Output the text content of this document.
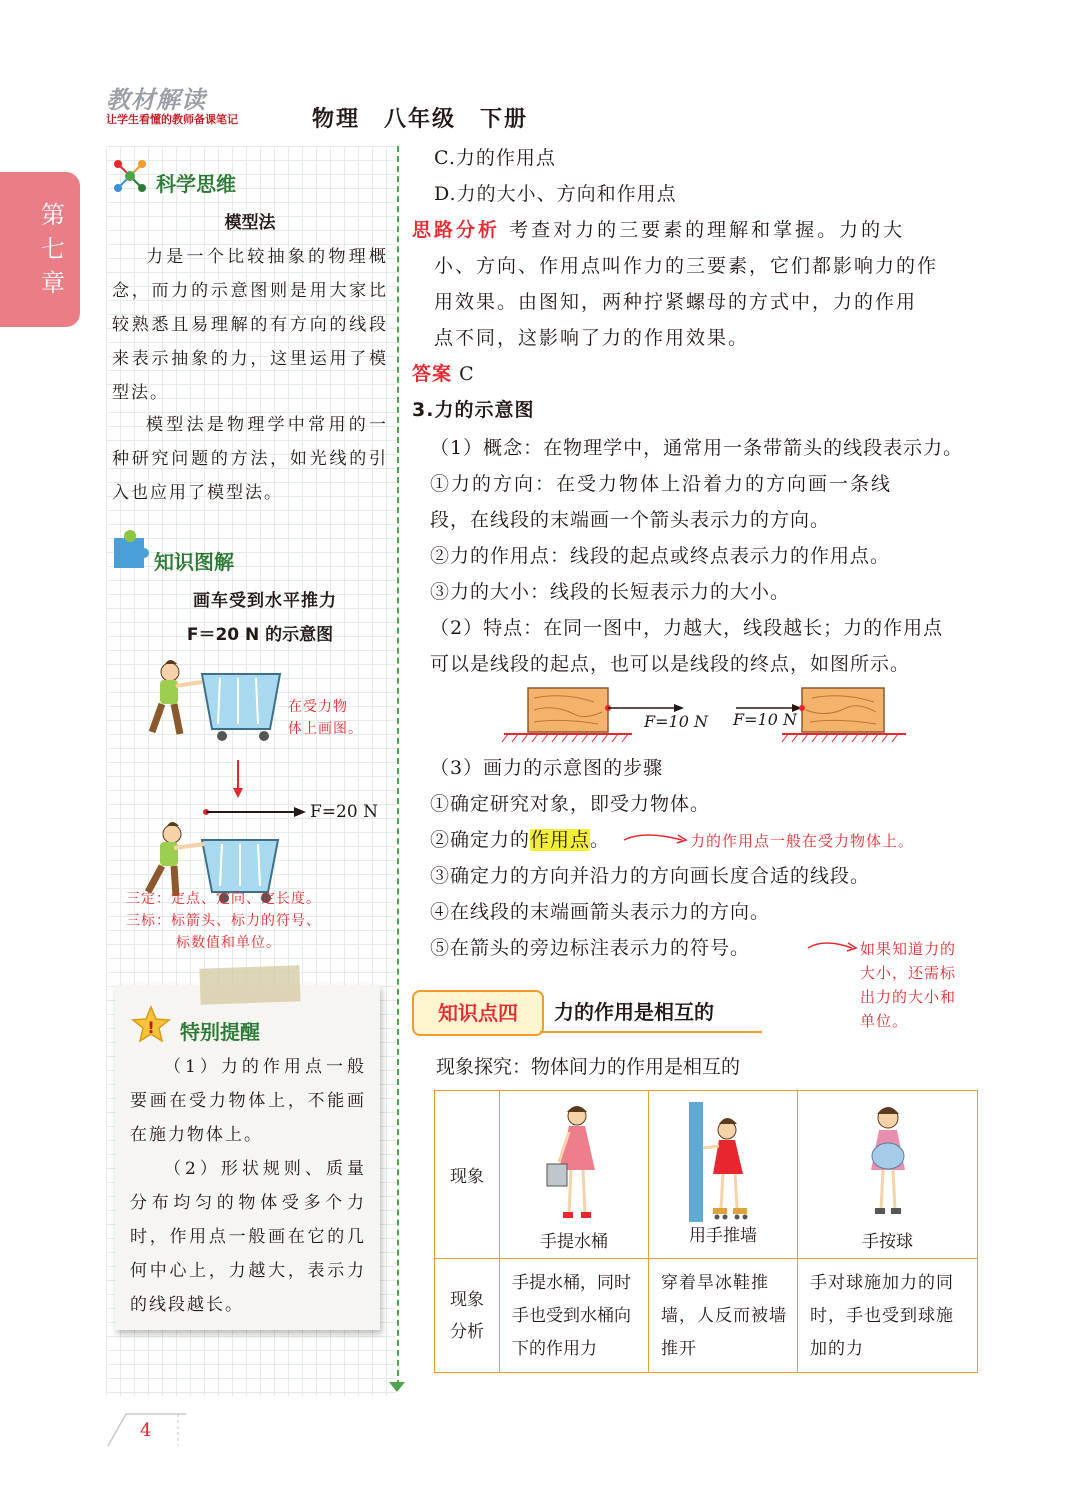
教材解读
让学生看懂的教师备课笔记	物理　八年级　下册
第七章
科学思维
模型法
力是一个比较抽象的物理概念，而力的示意图则是用大家比较熟悉且易理解的有方向的线段来表示抽象的力，这里运用了模型法。
模型法是物理学中常用的一种研究问题的方法，如光线的引入也应用了模型法。
知识图解
画车受到水平推力
F＝20 N 的示意图
在受力物
体上画图。
F=20 N
三定：定点、定向、定长度。
三标：标箭头、标力的符号、
标数值和单位。
! 特别提醒
（1）力的作用点一般要画在受力物体上，不能画在施力物体上。
（2）形状规则、质量分布均匀的物体受多个力时，作用点一般画在它的几何中心上，力越大，表示力的线段越长。
C.力的作用点
D.力的大小、方向和作用点
思路分析 考查对力的三要素的理解和掌握。力的大
小、方向、作用点叫作力的三要素，它们都影响力的作
用效果。由图知，两种拧紧螺母的方式中，力的作用
点不同，这影响了力的作用效果。
答案 C
3.力的示意图
（1）概念：在物理学中，通常用一条带箭头的线段表示力。
①力的方向：在受力物体上沿着力的方向画一条线
段，在线段的末端画一个箭头表示力的方向。
②力的作用点：线段的起点或终点表示力的作用点。
③力的大小：线段的长短表示力的大小。
（2）特点：在同一图中，力越大，线段越长；力的作用点
可以是线段的起点，也可以是线段的终点，如图所示。
F=10 N F=10 N
（3）画力的示意图的步骤
①确定研究对象，即受力物体。
②确定力的作用点。	力的作用点一般在受力物体上。
③确定力的方向并沿力的方向画长度合适的线段。
④在线段的末端画箭头表示力的方向。
⑤在箭头的旁边标注表示力的符号。	如果知道力的
大小，还需标
出力的大小和
单位。
知识点四	力的作用是相互的
现象探究：物体间力的作用是相互的
现象	手提水桶	用手推墙	手按球

现象
分析	手提水桶，同时手也受到水桶向下的作用力	穿着旱冰鞋推墙，人反而被墙推开	手对球施加力的同时，手也受到球施加的力
4
